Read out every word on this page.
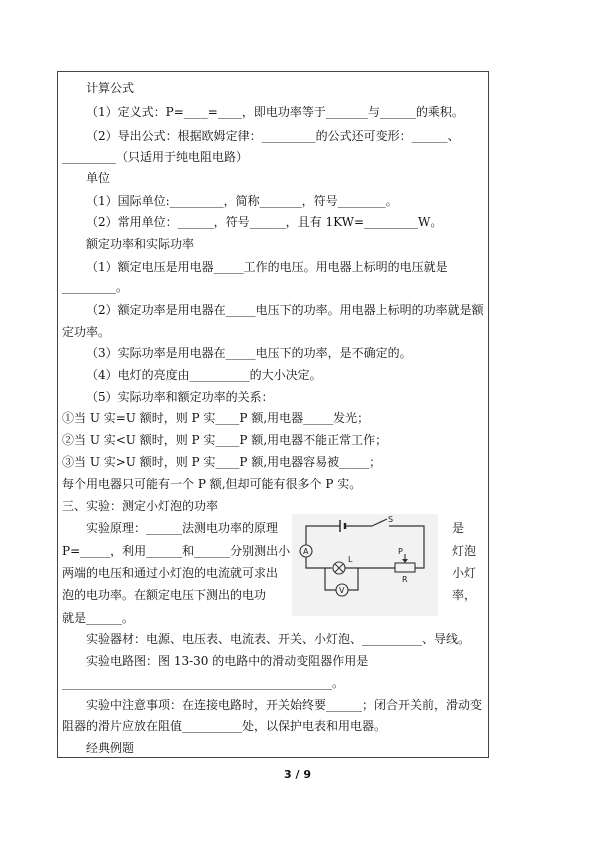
计算公式
（1）定义式：P=____=____，即电功率等于_______与______的乘积。
（2）导出公式：根据欧姆定律：_________的公式还可变形：______、
_________（只适用于纯电阻电路）
单位
（1）国际单位:_________，简称_______，符号________。
（2）常用单位：______，符号______，且有 1KW=_________W。
额定功率和实际功率
（1）额定电压是用电器_____工作的电压。用电器上标明的电压就是
_________。
（2）额定功率是用电器在_____电压下的功率。用电器上标明的功率就是额
定功率。
（3）实际功率是用电器在_____电压下的功率，是不确定的。
（4）电灯的亮度由__________的大小决定。
（5）实际功率和额定功率的关系：
①当 U 实=U 额时，则 P 实____P 额,用电器_____发光；
②当 U 实<U 额时，则 P 实____P 额,用电器不能正常工作；
③当 U 实>U 额时，则 P 实____P 额,用电器容易被_____；
每个用电器只可能有一个 P 额,但却可能有很多个 P 实。
三、实验：测定小灯泡的功率
实验原理：______法测电功率的原理
P=_____，利用______和______分别测出小
两端的电压和通过小灯泡的电流就可求出
泡的电功率。在额定电压下测出的电功
就是______。
实验器材：电源、电压表、电流表、开关、小灯泡、__________、导线。
实验电路图：图 13-30 的电路中的滑动变阻器作用是
_____________________________________________。
实验中注意事项：在连接电路时，开关始终要______；闭合开关前，滑动变
阻器的滑片应放在阻值__________处，以保护电表和用电器。
经典例题
是
灯泡
小灯
率，
S
A
L
P
R
V
3 / 9
